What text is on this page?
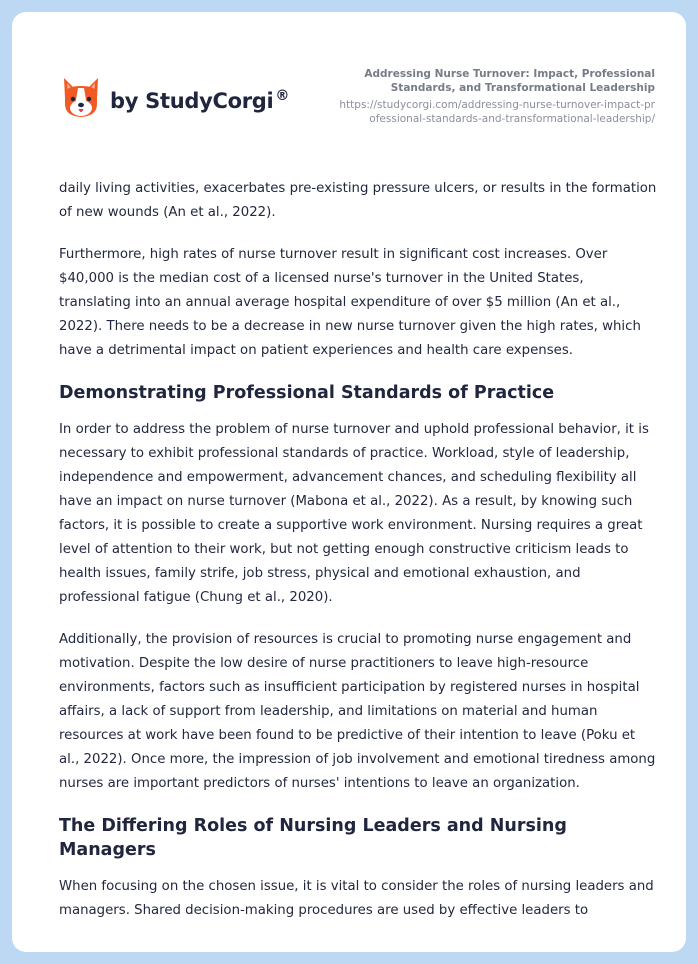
by StudyCorgi ®
Addressing Nurse Turnover: Impact, Professional Standards, and Transformational Leadership
https://studycorgi.com/addressing-nurse-turnover-impact-professional-standards-and-transformational-leadership/

daily living activities, exacerbates pre-existing pressure ulcers, or results in the formation of new wounds (An et al., 2022).

Furthermore, high rates of nurse turnover result in significant cost increases. Over $40,000 is the median cost of a licensed nurse's turnover in the United States, translating into an annual average hospital expenditure of over $5 million (An et al., 2022). There needs to be a decrease in new nurse turnover given the high rates, which have a detrimental impact on patient experiences and health care expenses.

Demonstrating Professional Standards of Practice

In order to address the problem of nurse turnover and uphold professional behavior, it is necessary to exhibit professional standards of practice. Workload, style of leadership, independence and empowerment, advancement chances, and scheduling flexibility all have an impact on nurse turnover (Mabona et al., 2022). As a result, by knowing such factors, it is possible to create a supportive work environment. Nursing requires a great level of attention to their work, but not getting enough constructive criticism leads to health issues, family strife, job stress, physical and emotional exhaustion, and professional fatigue (Chung et al., 2020).

Additionally, the provision of resources is crucial to promoting nurse engagement and motivation. Despite the low desire of nurse practitioners to leave high-resource environments, factors such as insufficient participation by registered nurses in hospital affairs, a lack of support from leadership, and limitations on material and human resources at work have been found to be predictive of their intention to leave (Poku et al., 2022). Once more, the impression of job involvement and emotional tiredness among nurses are important predictors of nurses' intentions to leave an organization.

The Differing Roles of Nursing Leaders and Nursing Managers

When focusing on the chosen issue, it is vital to consider the roles of nursing leaders and managers. Shared decision-making procedures are used by effective leaders to
